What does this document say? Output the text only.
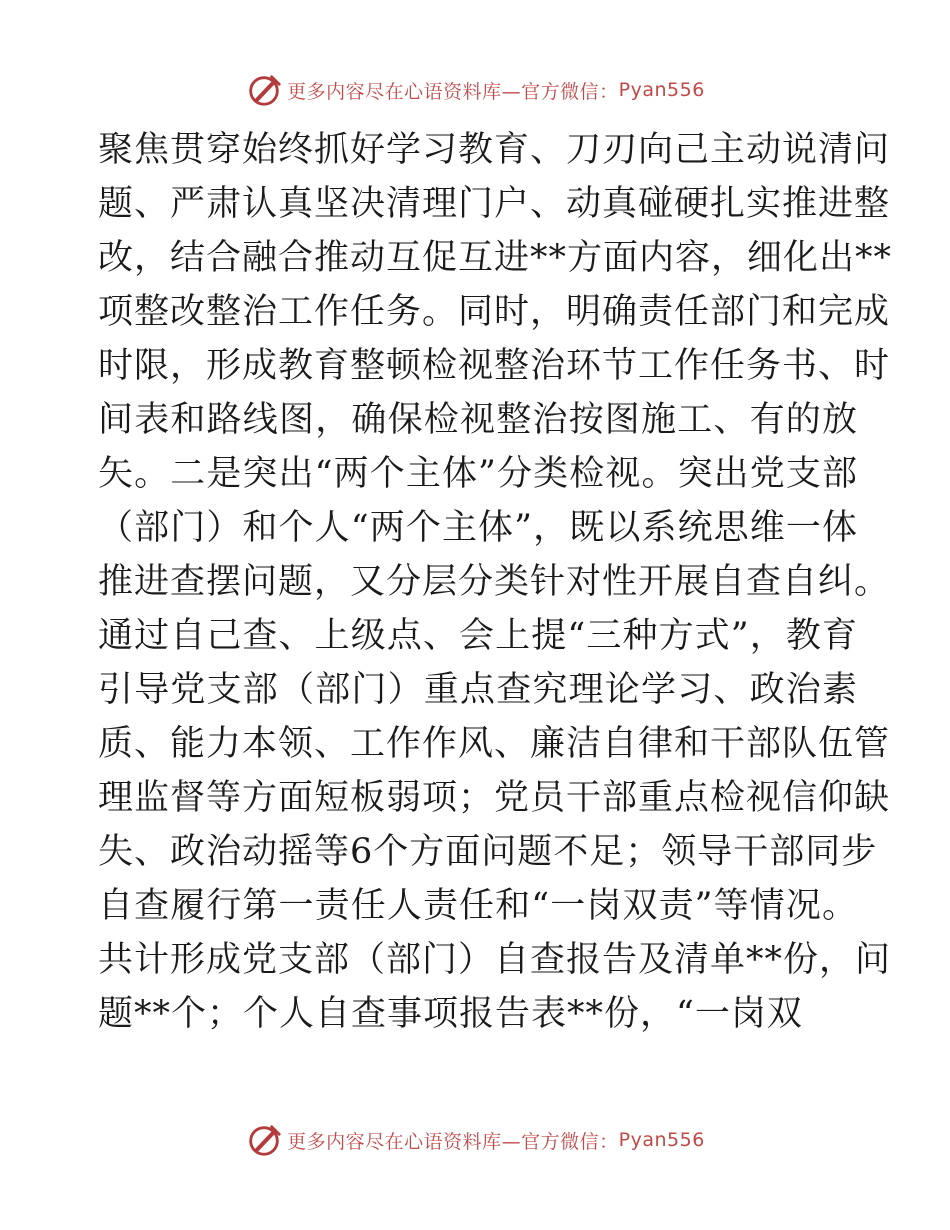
更多内容尽在心语资料库—官方微信： Pyan556
聚焦贯穿始终抓好学习教育、刀刃向己主动说清问
题、严肃认真坚决清理门户、动真碰硬扎实推进整
改，结合融合推动互促互进**方面内容，细化出**
项整改整治工作任务。同时，明确责任部门和完成
时限，形成教育整顿检视整治环节工作任务书、时
间表和路线图，确保检视整治按图施工、有的放
矢。二是突出“两个主体”分类检视。突出党支部
（部门）和个人“两个主体”，既以系统思维一体
推进查摆问题，又分层分类针对性开展自查自纠。
通过自己查、上级点、会上提“三种方式”，教育
引导党支部（部门）重点查究理论学习、政治素
质、能力本领、工作作风、廉洁自律和干部队伍管
理监督等方面短板弱项；党员干部重点检视信仰缺
失、政治动摇等6个方面问题不足；领导干部同步
自查履行第一责任人责任和“一岗双责”等情况。
共计形成党支部（部门）自查报告及清单**份，问
题**个；个人自查事项报告表**份，“一岗双
更多内容尽在心语资料库—官方微信： Pyan556
